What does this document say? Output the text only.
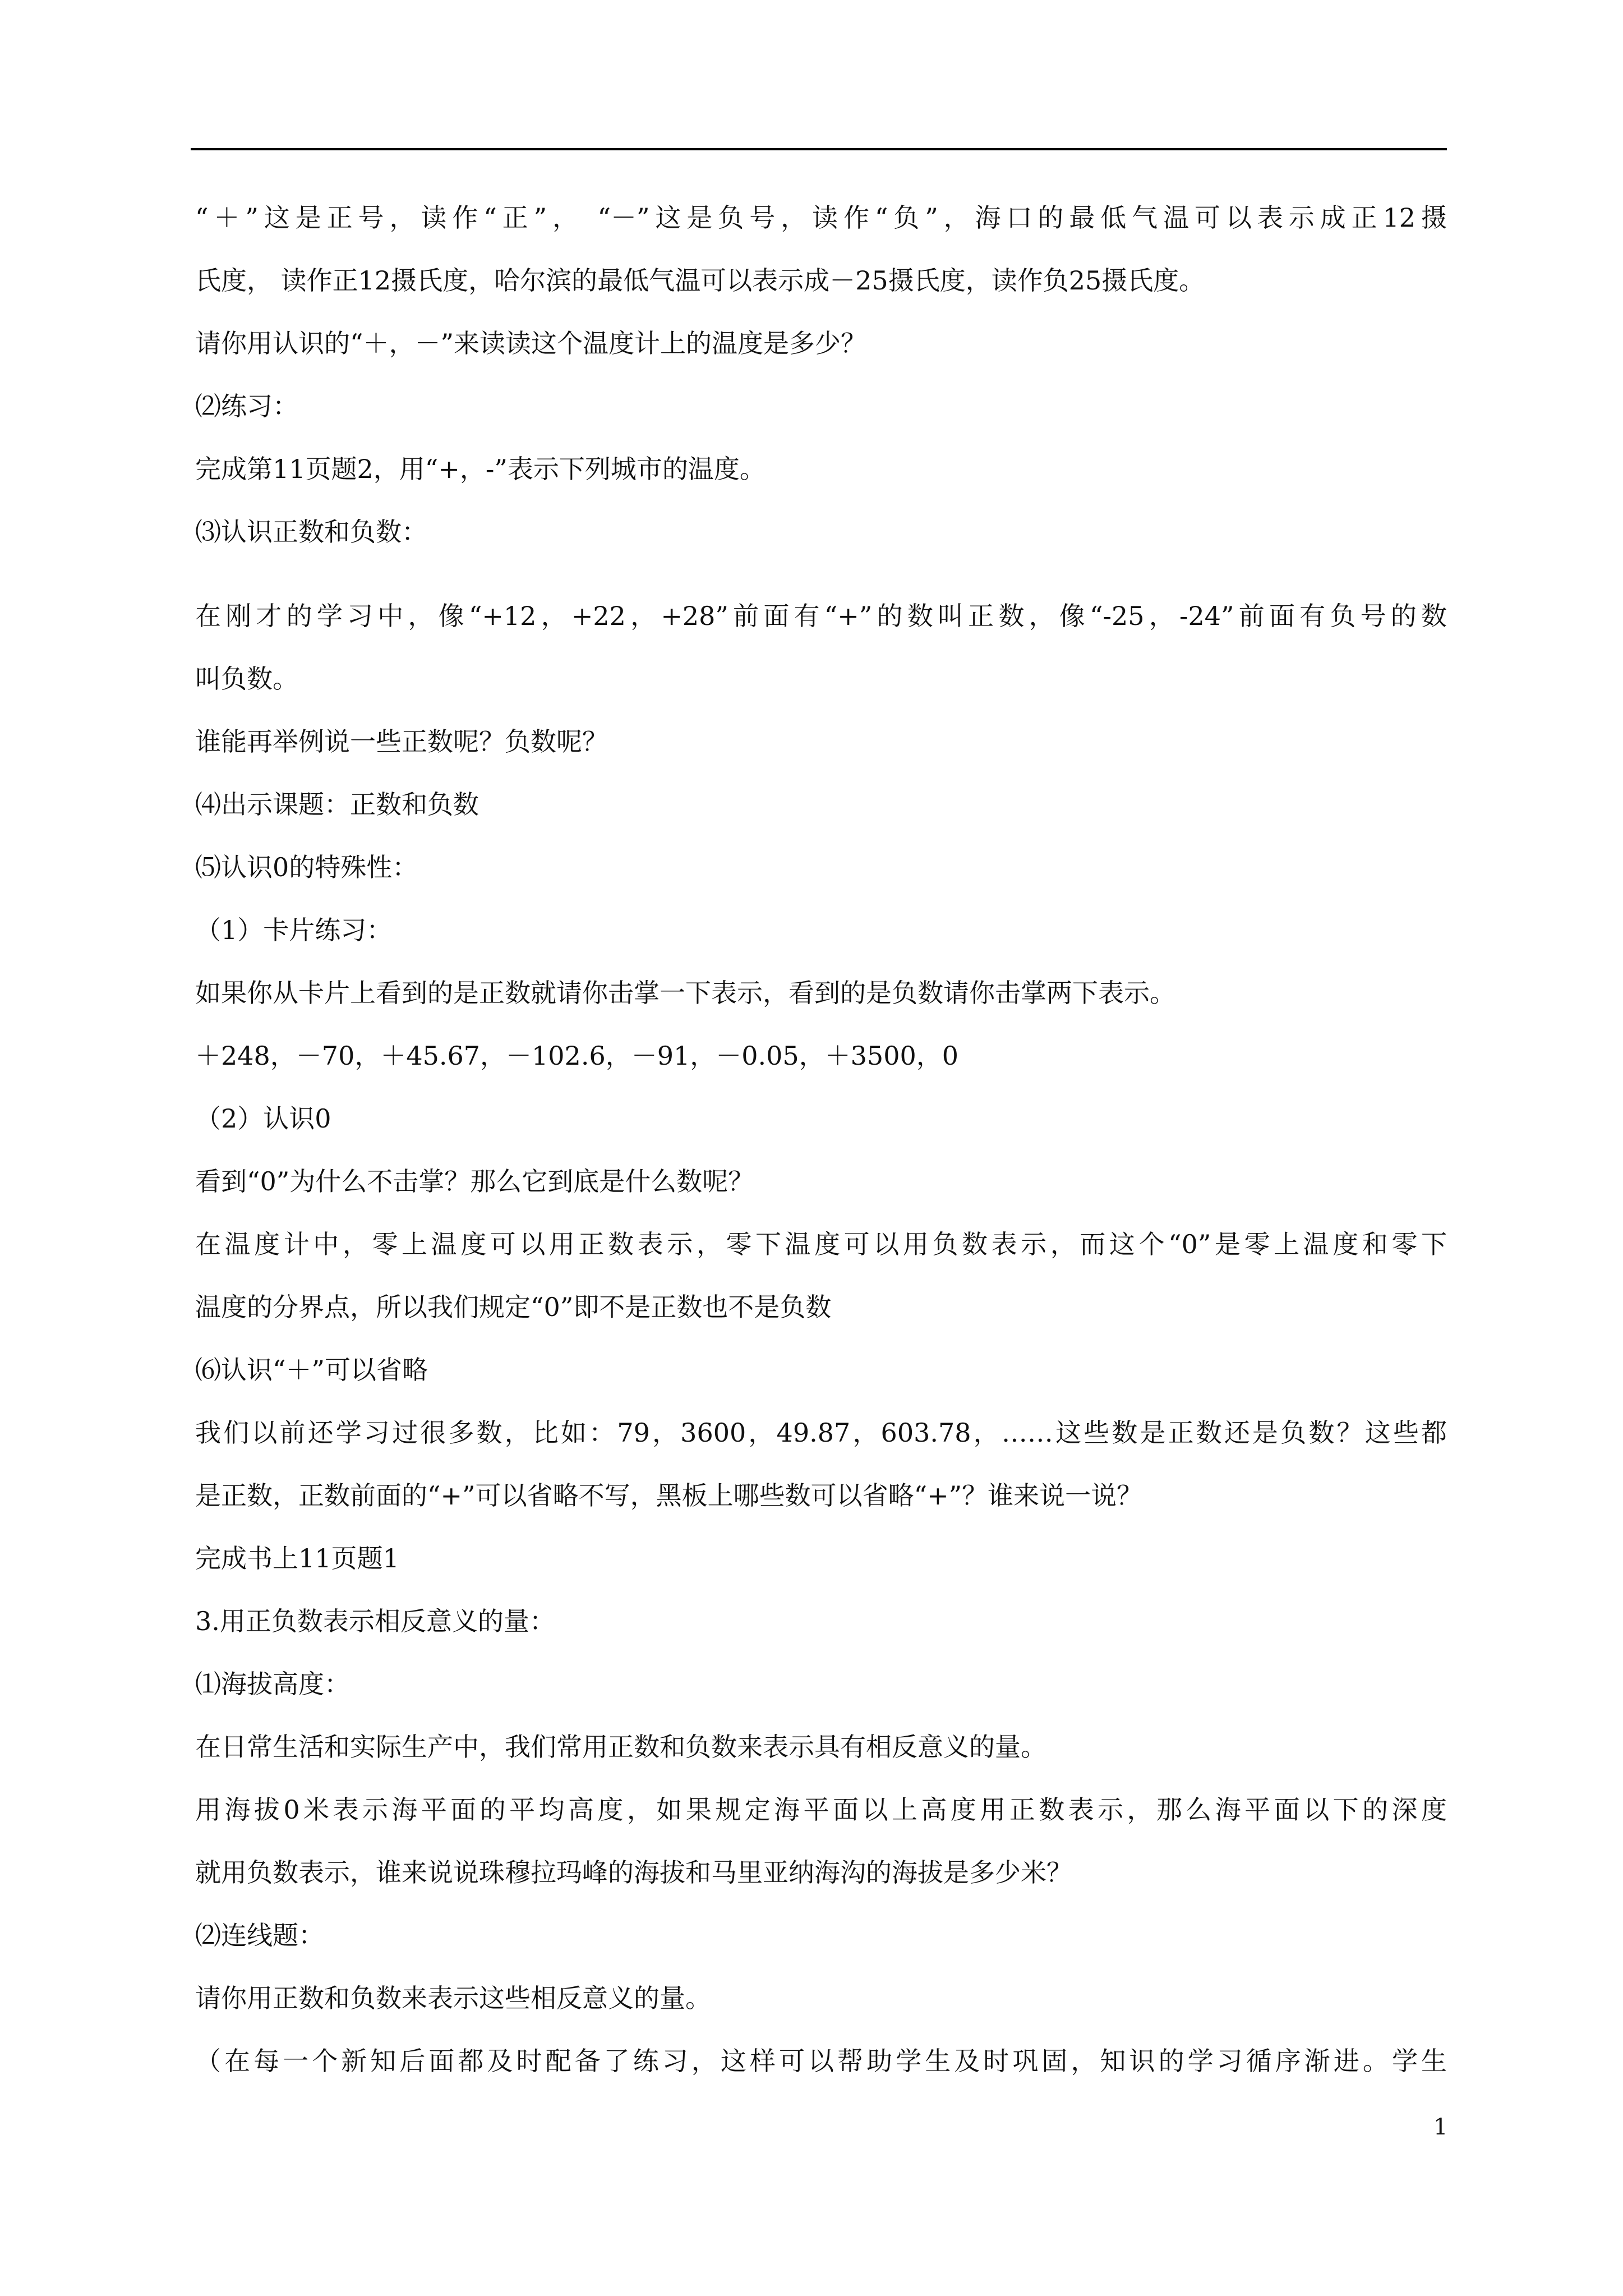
“＋”这是正号，读作“正”， “－”这是负号，读作“负”，海口的最低气温可以表示成正12摄
氏度， 读作正12摄氏度，哈尔滨的最低气温可以表示成－25摄氏度，读作负25摄氏度。
请你用认识的“＋，－”来读读这个温度计上的温度是多少？
⑵练习：
完成第11页题2，用“+，-”表示下列城市的温度。
⑶认识正数和负数：
在刚才的学习中，像“+12，+22，+28”前面有“+”的数叫正数，像“-25，-24”前面有负号的数
叫负数。
谁能再举例说一些正数呢？负数呢？
⑷出示课题：正数和负数
⑸认识0的特殊性：
（1）卡片练习：
如果你从卡片上看到的是正数就请你击掌一下表示，看到的是负数请你击掌两下表示。
＋248，－70，＋45.67，－102.6，－91，－0.05，＋3500，0
（2）认识0
看到“0”为什么不击掌？那么它到底是什么数呢？
在温度计中，零上温度可以用正数表示，零下温度可以用负数表示，而这个“0”是零上温度和零下
温度的分界点，所以我们规定“0”即不是正数也不是负数
⑹认识“＋”可以省略
我们以前还学习过很多数，比如：79，3600，49.87，603.78，……这些数是正数还是负数？这些都
是正数，正数前面的“+”可以省略不写，黑板上哪些数可以省略“+”？谁来说一说？
完成书上11页题1
3.用正负数表示相反意义的量：
⑴海拔高度：
在日常生活和实际生产中，我们常用正数和负数来表示具有相反意义的量。
用海拔0米表示海平面的平均高度，如果规定海平面以上高度用正数表示，那么海平面以下的深度
就用负数表示，谁来说说珠穆拉玛峰的海拔和马里亚纳海沟的海拔是多少米？
⑵连线题：
请你用正数和负数来表示这些相反意义的量。
（在每一个新知后面都及时配备了练习，这样可以帮助学生及时巩固，知识的学习循序渐进。学生
1
